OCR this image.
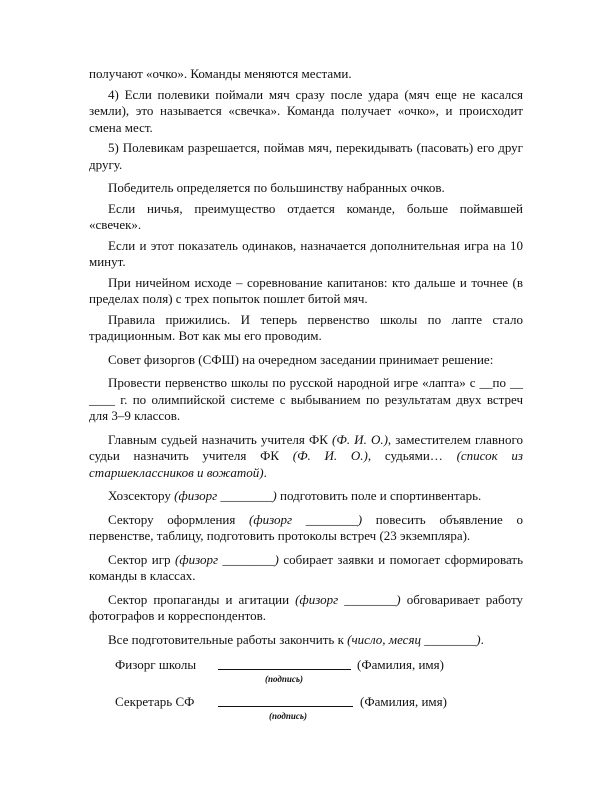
получают «очко». Команды меняются местами.

4) Если полевики поймали мяч сразу после удара (мяч еще не касался земли), это называется «свечка». Команда получает «очко», и происходит смена мест.

5) Полевикам разрешается, поймав мяч, перекидывать (пасовать) его друг другу.

Победитель определяется по большинству набранных очков.

Если ничья, преимущество отдается команде, больше поймавшей «свечек».

Если и этот показатель одинаков, назначается дополнительная игра на 10 минут.

При ничейном исходе – соревнование капитанов: кто дальше и точнее (в пределах поля) с трех попыток пошлет битой мяч.

Правила прижились. И теперь первенство школы по лапте стало традиционным. Вот как мы его проводим.

Совет физоргов (СФШ) на очередном заседании принимает решение:

Провести первенство школы по русской народной игре «лапта» с __по __ ____ г. по олимпийской системе с выбыванием по результатам двух встреч для 3–9 классов.

Главным судьей назначить учителя ФК (Ф. И. О.), заместителем главного судьи назначить учителя ФК (Ф. И. О.), судьями… (список из старшеклассников и вожатой).

Хозсектору (физорг ________) подготовить поле и спортинвентарь.

Сектору оформления (физорг ________) повесить объявление о первенстве, таблицу, подготовить протоколы встреч (23 экземпляра).

Сектор игр (физорг ________) собирает заявки и помогает сформировать команды в классах.

Сектор пропаганды и агитации (физорг ________) обговаривает работу фотографов и корреспондентов.

Все подготовительные работы закончить к (число, месяц ________).

Физорг школы	(Фамилия, имя)
(подпись)
Секретарь СФ	(Фамилия, имя)
(подпись)
